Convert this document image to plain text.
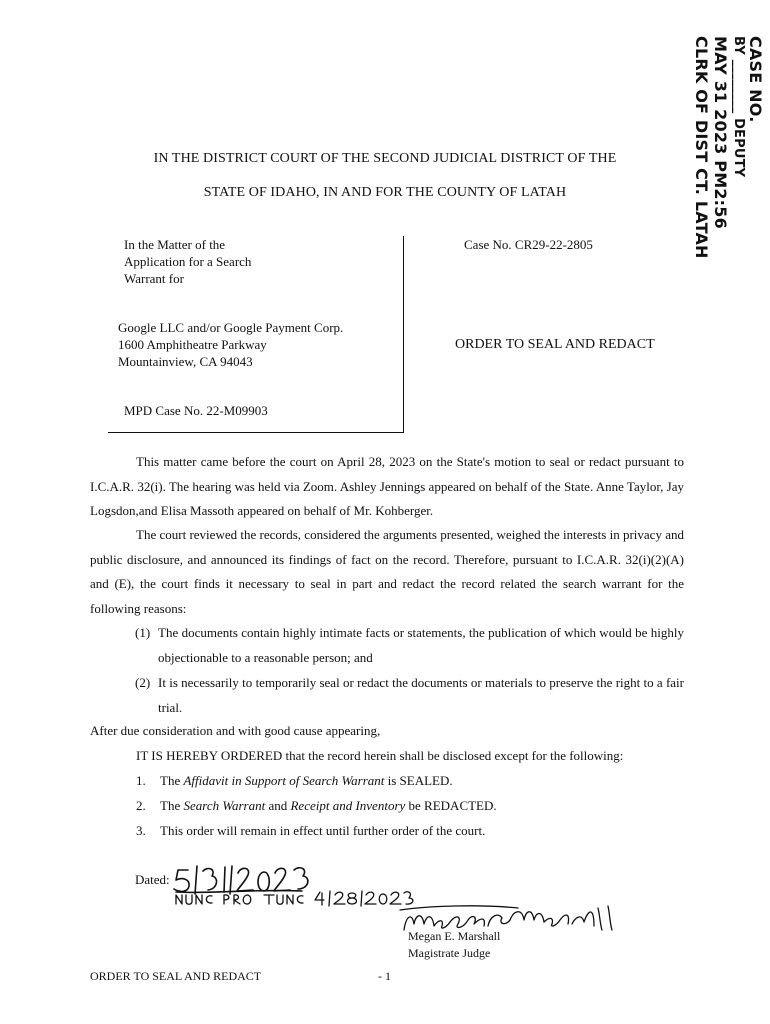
CASE NO.
BY ________ DEPUTY
MAY 31 2023 PM2:56
CLRK OF DIST CT. LATAH
IN THE DISTRICT COURT OF THE SECOND JUDICIAL DISTRICT OF THE
STATE OF IDAHO, IN AND FOR THE COUNTY OF LATAH
In the Matter of the
Application for a Search
Warrant for
Google LLC and/or Google Payment Corp.
1600 Amphitheatre Parkway
Mountainview, CA 94043
MPD Case No. 22-M09903
Case No. CR29-22-2805
ORDER TO SEAL AND REDACT
This matter came before the court on April 28, 2023 on the State's motion to seal or redact pursuant to I.C.A.R. 32(i). The hearing was held via Zoom. Ashley Jennings appeared on behalf of the State. Anne Taylor, Jay Logsdon,and Elisa Massoth appeared on behalf of Mr. Kohberger.
The court reviewed the records, considered the arguments presented, weighed the interests in privacy and public disclosure, and announced its findings of fact on the record. Therefore, pursuant to I.C.A.R. 32(i)(2)(A) and (E), the court finds it necessary to seal in part and redact the record related the search warrant for the following reasons:
(1) The documents contain highly intimate facts or statements, the publication of which would be highly objectionable to a reasonable person; and
(2) It is necessarily to temporarily seal or redact the documents or materials to preserve the right to a fair trial.
After due consideration and with good cause appearing,
IT IS HEREBY ORDERED that the record herein shall be disclosed except for the following:
1. The Affidavit in Support of Search Warrant is SEALED.
2. The Search Warrant and Receipt and Inventory be REDACTED.
3. This order will remain in effect until further order of the court.
Dated:
Megan E. Marshall
Magistrate Judge
ORDER TO SEAL AND REDACT	- 1
